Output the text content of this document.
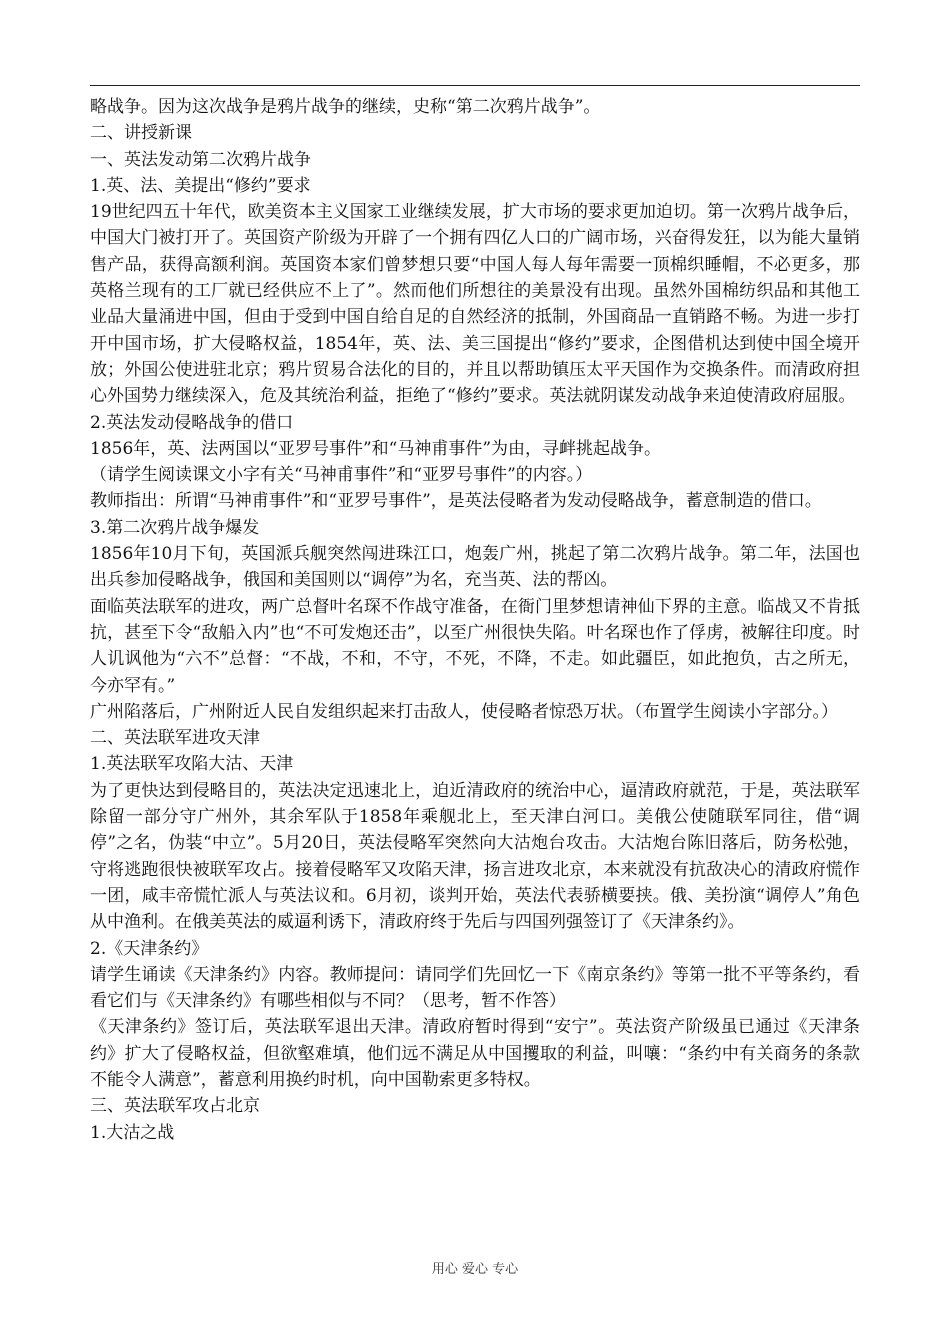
略战争。因为这次战争是鸦片战争的继续，史称“第二次鸦片战争”。

二、讲授新课

一、英法发动第二次鸦片战争

1.英、法、美提出“修约”要求

19世纪四五十年代，欧美资本主义国家工业继续发展，扩大市场的要求更加迫切。第一次鸦片战争后，中国大门被打开了。英国资产阶级为开辟了一个拥有四亿人口的广阔市场，兴奋得发狂，以为能大量销售产品，获得高额利润。英国资本家们曾梦想只要“中国人每人每年需要一顶棉织睡帽，不必更多，那英格兰现有的工厂就已经供应不上了”。然而他们所想往的美景没有出现。虽然外国棉纺织品和其他工业品大量涌进中国，但由于受到中国自给自足的自然经济的抵制，外国商品一直销路不畅。为进一步打开中国市场，扩大侵略权益，1854年，英、法、美三国提出“修约”要求，企图借机达到使中国全境开放；外国公使进驻北京；鸦片贸易合法化的目的，并且以帮助镇压太平天国作为交换条件。而清政府担心外国势力继续深入，危及其统治利益，拒绝了“修约”要求。英法就阴谋发动战争来迫使清政府屈服。

2.英法发动侵略战争的借口

1856年，英、法两国以“亚罗号事件”和“马神甫事件”为由，寻衅挑起战争。

（请学生阅读课文小字有关“马神甫事件”和“亚罗号事件”的内容。）

教师指出：所谓“马神甫事件”和“亚罗号事件”，是英法侵略者为发动侵略战争，蓄意制造的借口。

3.第二次鸦片战争爆发

1856年10月下旬，英国派兵舰突然闯进珠江口，炮轰广州，挑起了第二次鸦片战争。第二年，法国也出兵参加侵略战争，俄国和美国则以“调停”为名，充当英、法的帮凶。

面临英法联军的进攻，两广总督叶名琛不作战守准备，在衙门里梦想请神仙下界的主意。临战又不肯抵抗，甚至下令“敌船入内”也“不可发炮还击”，以至广州很快失陷。叶名琛也作了俘虏，被解往印度。时人讥讽他为“六不”总督：“不战，不和，不守，不死，不降，不走。如此疆臣，如此抱负，古之所无，今亦罕有。”

广州陷落后，广州附近人民自发组织起来打击敌人，使侵略者惊恐万状。（布置学生阅读小字部分。）

二、英法联军进攻天津

1.英法联军攻陷大沽、天津

为了更快达到侵略目的，英法决定迅速北上，迫近清政府的统治中心，逼清政府就范，于是，英法联军除留一部分守广州外，其余军队于1858年乘舰北上，至天津白河口。美俄公使随联军同往，借“调停”之名，伪装“中立”。5月20日，英法侵略军突然向大沽炮台攻击。大沽炮台陈旧落后，防务松弛，守将逃跑很快被联军攻占。接着侵略军又攻陷天津，扬言进攻北京，本来就没有抗敌决心的清政府慌作一团，咸丰帝慌忙派人与英法议和。6月初，谈判开始，英法代表骄横要挟。俄、美扮演“调停人”角色从中渔利。在俄美英法的威逼利诱下，清政府终于先后与四国列强签订了《天津条约》。

2.《天津条约》

请学生诵读《天津条约》内容。教师提问：请同学们先回忆一下《南京条约》等第一批不平等条约，看看它们与《天津条约》有哪些相似与不同？（思考，暂不作答）

《天津条约》签订后，英法联军退出天津。清政府暂时得到“安宁”。英法资产阶级虽已通过《天津条约》扩大了侵略权益，但欲壑难填，他们远不满足从中国攫取的利益，叫嚷：“条约中有关商务的条款不能令人满意”，蓄意利用换约时机，向中国勒索更多特权。

三、英法联军攻占北京

1.大沽之战

用心 爱心 专心
